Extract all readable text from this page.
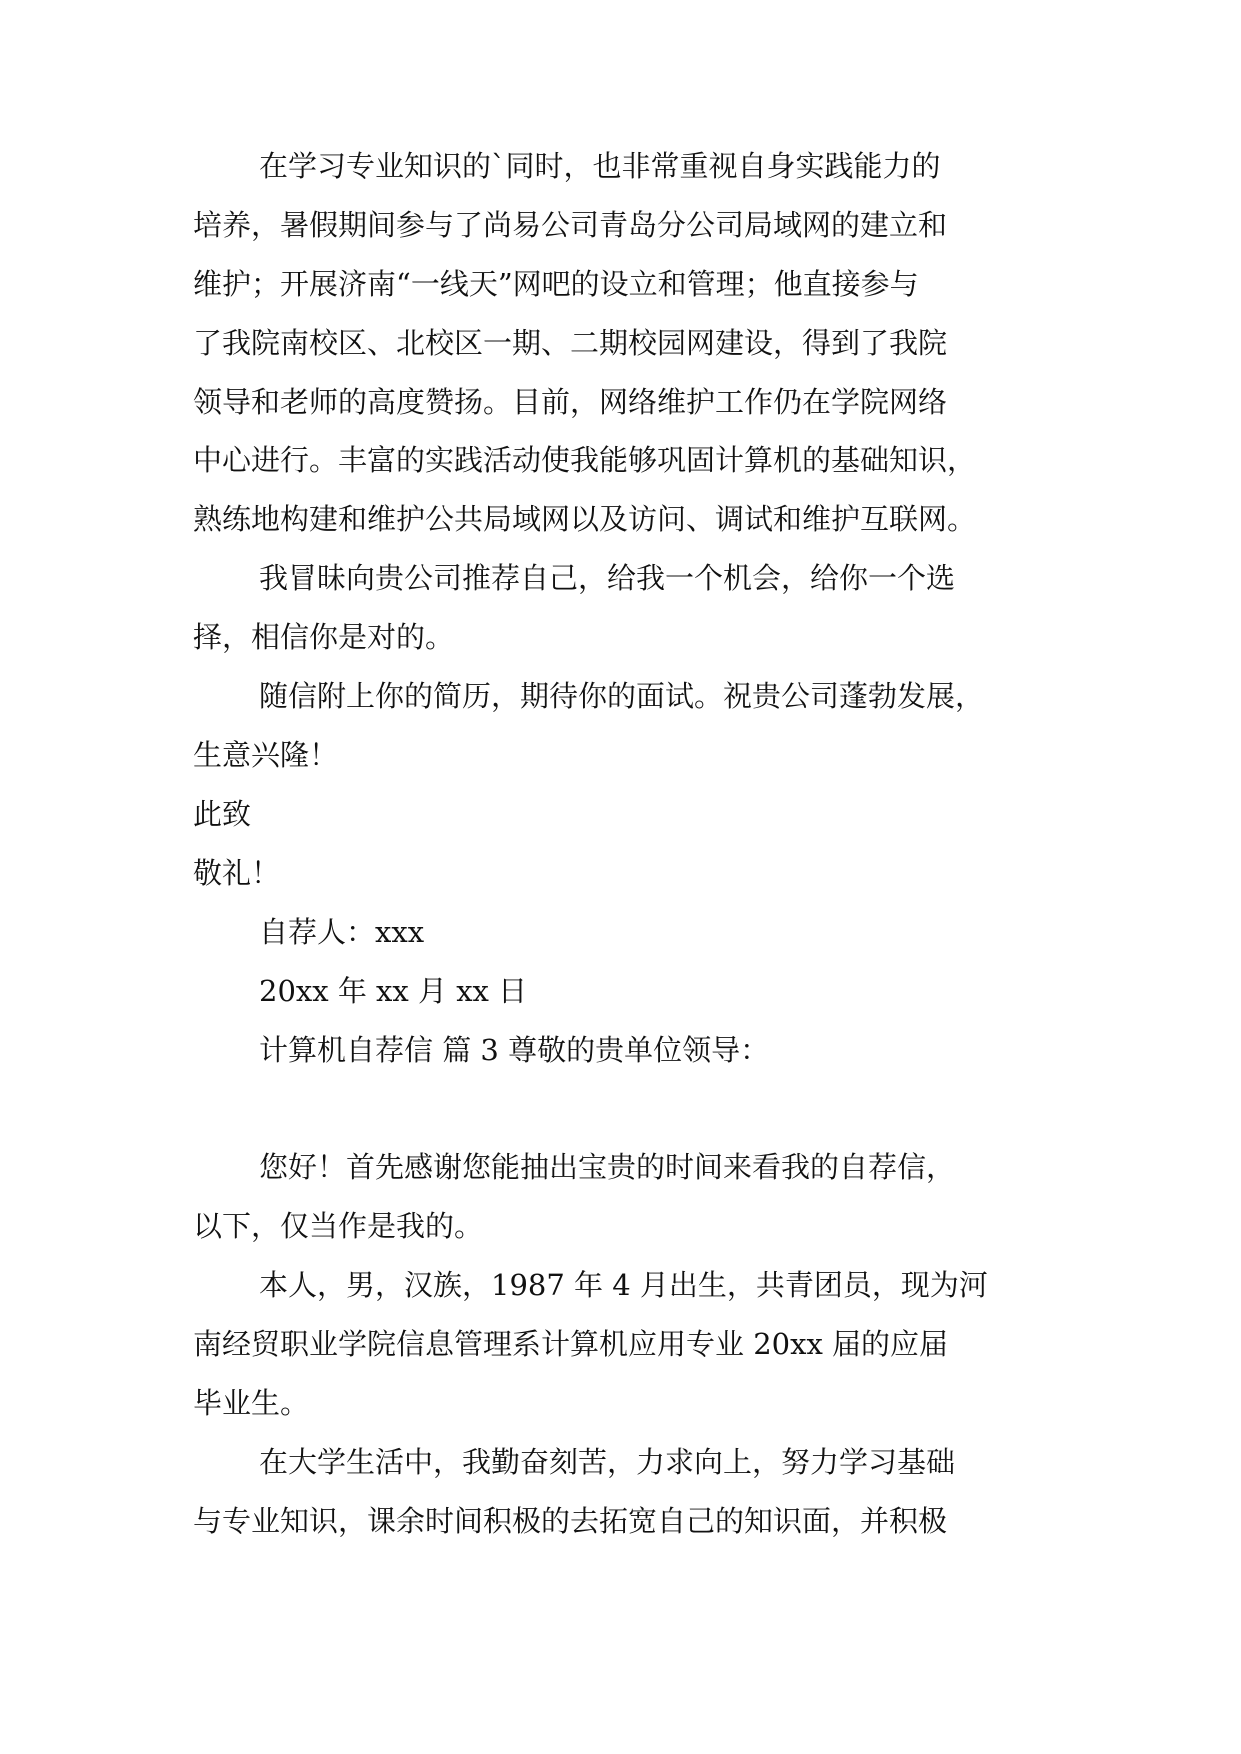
在学习专业知识的`同时，也非常重视自身实践能力的
培养，暑假期间参与了尚易公司青岛分公司局域网的建立和
维护；开展济南“一线天”网吧的设立和管理；他直接参与
了我院南校区、北校区一期、二期校园网建设，得到了我院
领导和老师的高度赞扬。目前，网络维护工作仍在学院网络
中心进行。丰富的实践活动使我能够巩固计算机的基础知识，
熟练地构建和维护公共局域网以及访问、调试和维护互联网。
我冒昧向贵公司推荐自己，给我一个机会，给你一个选
择，相信你是对的。
随信附上你的简历，期待你的面试。祝贵公司蓬勃发展，
生意兴隆！
此致
敬礼！
自荐人：xxx
20xx 年 xx 月 xx 日
计算机自荐信 篇 3 尊敬的贵单位领导：
您好！首先感谢您能抽出宝贵的时间来看我的自荐信，
以下，仅当作是我的。
本人，男，汉族，1987 年 4 月出生，共青团员，现为河
南经贸职业学院信息管理系计算机应用专业 20xx 届的应届
毕业生。
在大学生活中，我勤奋刻苦，力求向上，努力学习基础
与专业知识，课余时间积极的去拓宽自己的知识面，并积极
